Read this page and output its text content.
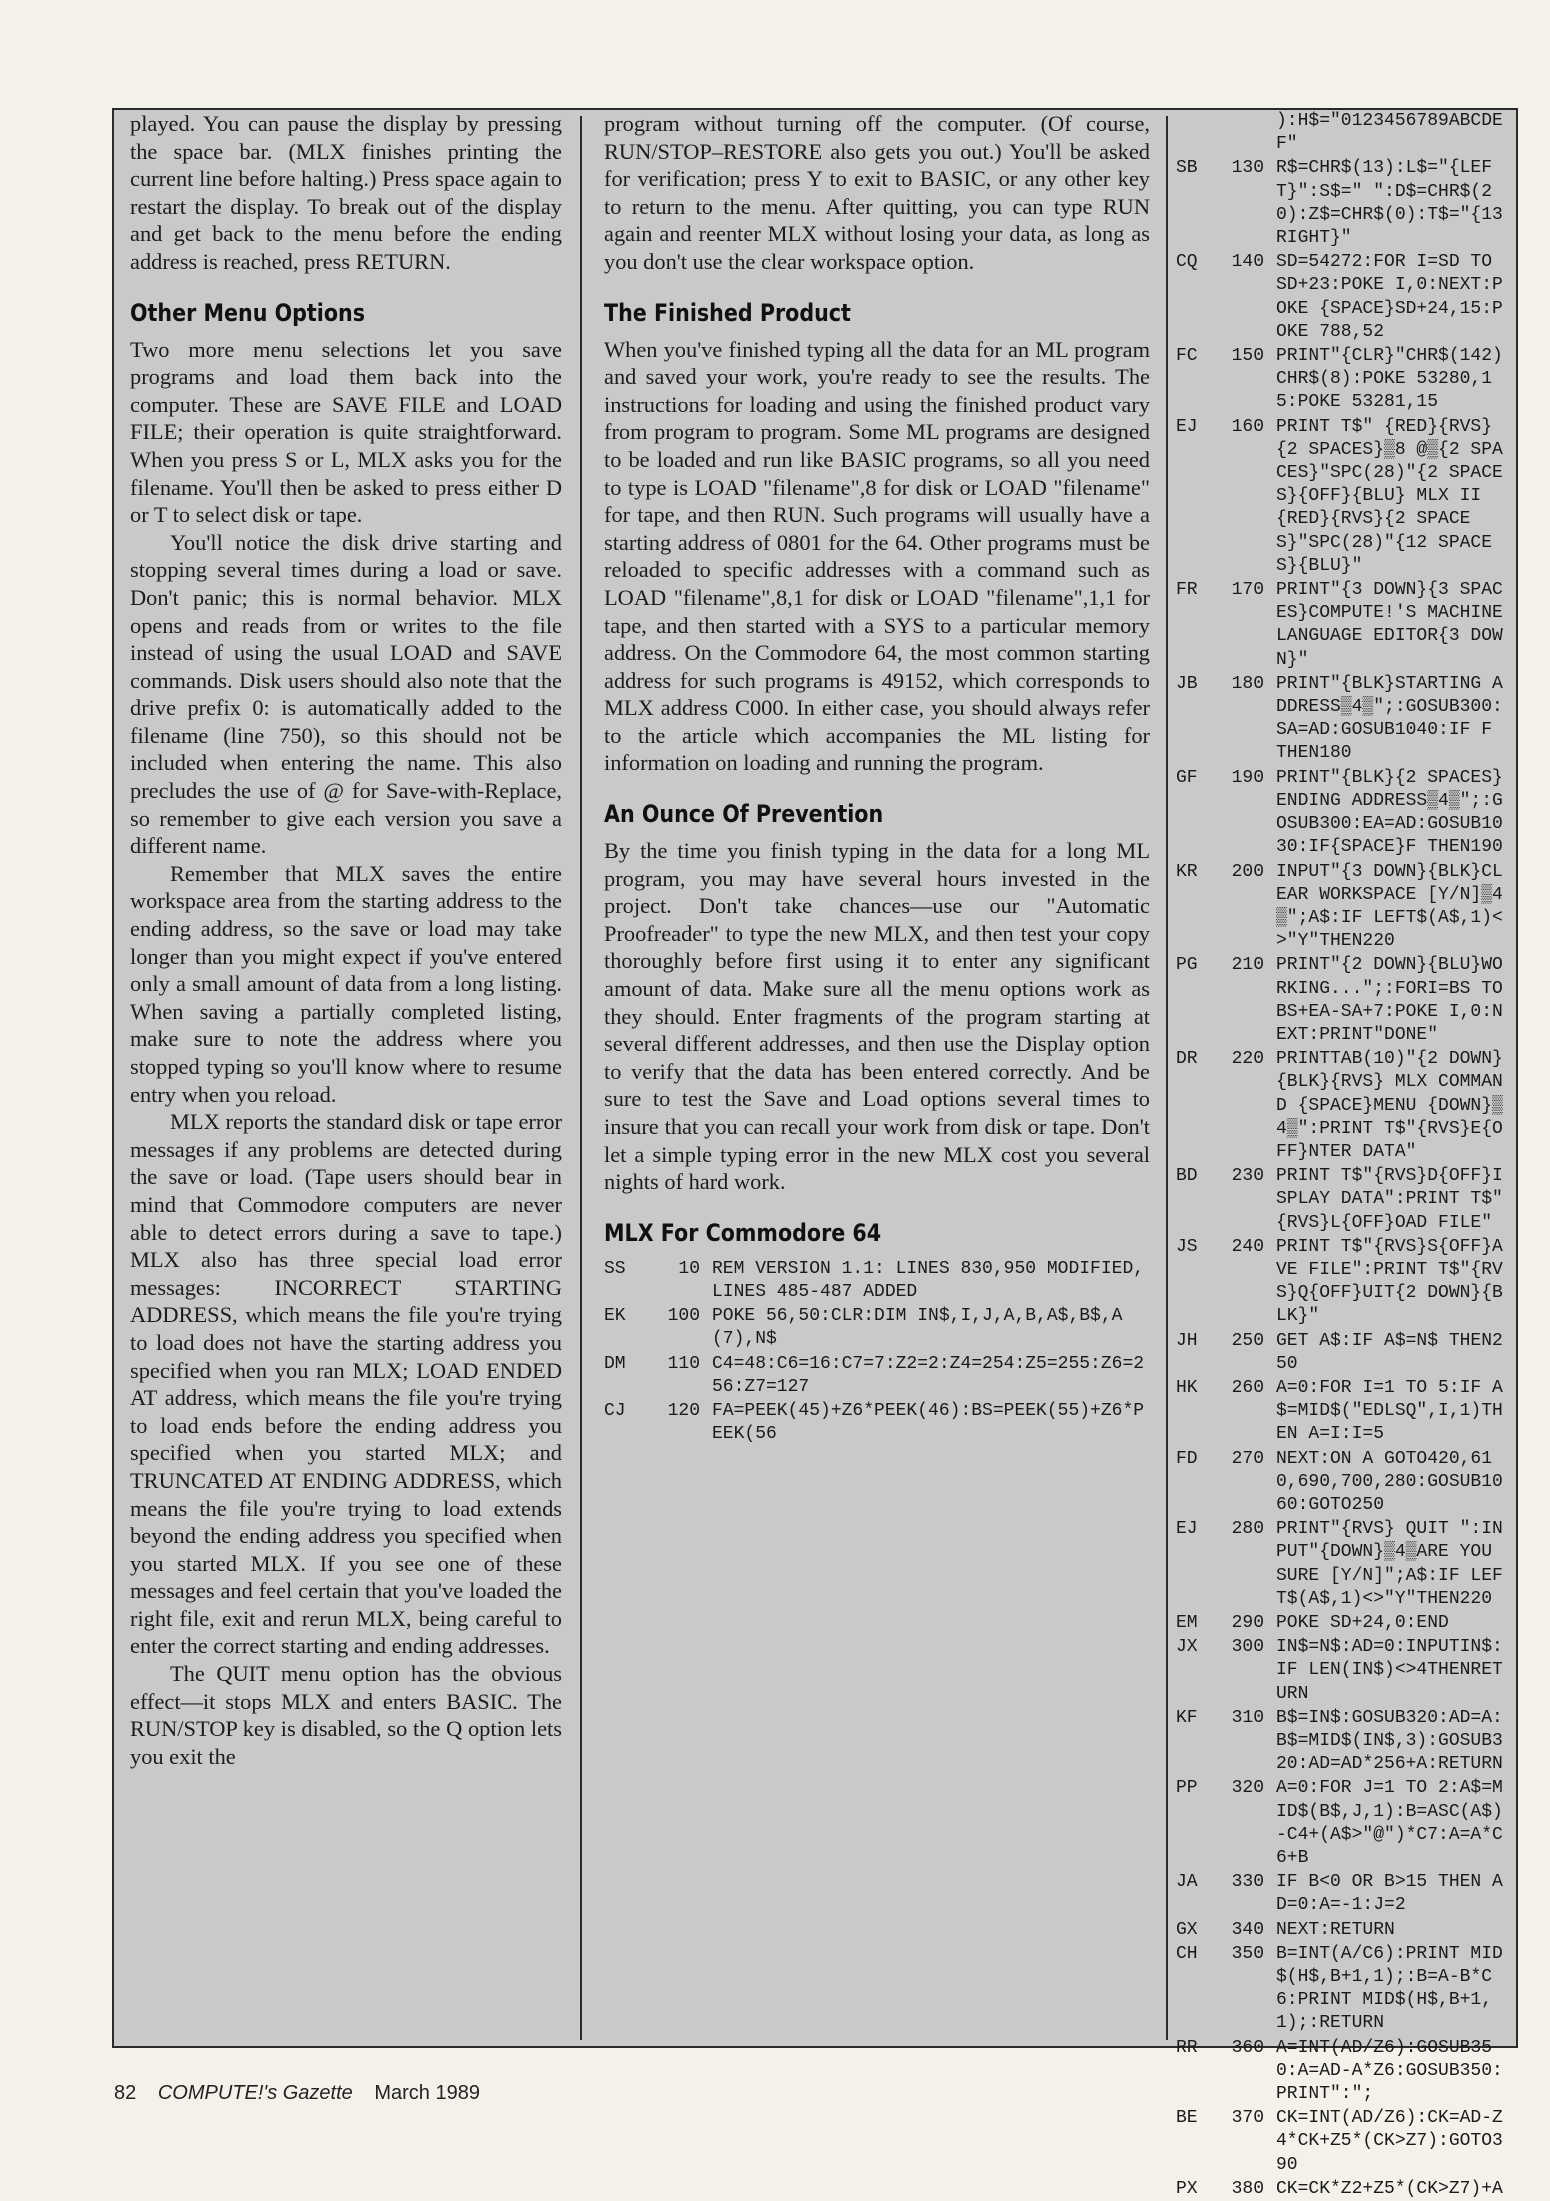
played. You can pause the display by pressing the space bar. (MLX finishes printing the current line before halting.) Press space again to restart the display. To break out of the display and get back to the menu before the ending address is reached, press RETURN.

Other Menu Options

Two more menu selections let you save programs and load them back into the computer. These are SAVE FILE and LOAD FILE; their operation is quite straightforward. When you press S or L, MLX asks you for the filename. You'll then be asked to press either D or T to select disk or tape.

You'll notice the disk drive starting and stopping several times during a load or save. Don't panic; this is normal behavior. MLX opens and reads from or writes to the file instead of using the usual LOAD and SAVE commands. Disk users should also note that the drive prefix 0: is automatically added to the filename (line 750), so this should not be included when entering the name. This also precludes the use of @ for Save-with-Replace, so remember to give each version you save a different name.

Remember that MLX saves the entire workspace area from the starting address to the ending address, so the save or load may take longer than you might expect if you've entered only a small amount of data from a long listing. When saving a partially completed listing, make sure to note the address where you stopped typing so you'll know where to resume entry when you reload.

MLX reports the standard disk or tape error messages if any problems are detected during the save or load. (Tape users should bear in mind that Commodore computers are never able to detect errors during a save to tape.) MLX also has three special load error messages: INCORRECT STARTING ADDRESS, which means the file you're trying to load does not have the starting address you specified when you ran MLX; LOAD ENDED AT address, which means the file you're trying to load ends before the ending address you specified when you started MLX; and TRUNCATED AT ENDING ADDRESS, which means the file you're trying to load extends beyond the ending address you specified when you started MLX. If you see one of these messages and feel certain that you've loaded the right file, exit and rerun MLX, being careful to enter the correct starting and ending addresses.

The QUIT menu option has the obvious effect—it stops MLX and enters BASIC. The RUN/STOP key is disabled, so the Q option lets you exit the

program without turning off the computer. (Of course, RUN/STOP–RESTORE also gets you out.) You'll be asked for verification; press Y to exit to BASIC, or any other key to return to the menu. After quitting, you can type RUN again and reenter MLX without losing your data, as long as you don't use the clear workspace option.

The Finished Product

When you've finished typing all the data for an ML program and saved your work, you're ready to see the results. The instructions for loading and using the finished product vary from program to program. Some ML programs are designed to be loaded and run like BASIC programs, so all you need to type is LOAD "filename",8 for disk or LOAD "filename" for tape, and then RUN. Such programs will usually have a starting address of 0801 for the 64. Other programs must be reloaded to specific addresses with a command such as LOAD "filename",8,1 for disk or LOAD "filename",1,1 for tape, and then started with a SYS to a particular memory address. On the Commodore 64, the most common starting address for such programs is 49152, which corresponds to MLX address C000. In either case, you should always refer to the article which accompanies the ML listing for information on loading and running the program.

An Ounce Of Prevention

By the time you finish typing in the data for a long ML program, you may have several hours invested in the project. Don't take chances—use our "Automatic Proofreader" to type the new MLX, and then test your copy thoroughly before first using it to enter any significant amount of data. Make sure all the menu options work as they should. Enter fragments of the program starting at several different addresses, and then use the Display option to verify that the data has been entered correctly. And be sure to test the Save and Load options several times to insure that you can recall your work from disk or tape. Don't let a simple typing error in the new MLX cost you several nights of hard work.

MLX For Commodore 64
SS	10 REM VERSION 1.1: LINES 830,950 MODIFIED, LINES 485-487 ADDED
EK	100 POKE 56,50:CLR:DIM IN$,I,J,A,B,A$,B$,A(7),N$
DM	110 C4=48:C6=16:C7=7:Z2=2:Z4=254:Z5=255:Z6=256:Z7=127
CJ	120 FA=PEEK(45)+Z6*PEEK(46):BS=PEEK(55)+Z6*PEEK(56
):H$="0123456789ABCDEF"
SB	130 R$=CHR$(13):L$="{LEFT}":S$=" ":D$=CHR$(20):Z$=CHR$(0):T$="{13 RIGHT}"
CQ	140 SD=54272:FOR I=SD TO SD+23:POKE I,0:NEXT:POKE {SPACE}SD+24,15:POKE 788,52
FC	150 PRINT"{CLR}"CHR$(142)CHR$(8):POKE 53280,15:POKE 53281,15
EJ	160 PRINT T$" {RED}{RVS}{2 SPACES}▒8 @▒{2 SPACES}"SPC(28)"{2 SPACES}{OFF}{BLU} MLX II {RED}{RVS}{2 SPACES}"SPC(28)"{12 SPACES}{BLU}"
FR	170 PRINT"{3 DOWN}{3 SPACES}COMPUTE!'S MACHINE LANGUAGE EDITOR{3 DOWN}"
JB	180 PRINT"{BLK}STARTING ADDRESS▒4▒";:GOSUB300:SA=AD:GOSUB1040:IF F THEN180
GF	190 PRINT"{BLK}{2 SPACES}ENDING ADDRESS▒4▒";:GOSUB300:EA=AD:GOSUB1030:IF{SPACE}F THEN190
KR	200 INPUT"{3 DOWN}{BLK}CLEAR WORKSPACE [Y/N]▒4▒";A$:IF LEFT$(A$,1)<>"Y"THEN220
PG	210 PRINT"{2 DOWN}{BLU}WORKING...";:FORI=BS TO BS+EA-SA+7:POKE I,0:NEXT:PRINT"DONE"
DR	220 PRINTTAB(10)"{2 DOWN}{BLK}{RVS} MLX COMMAND {SPACE}MENU {DOWN}▒4▒":PRINT T$"{RVS}E{OFF}NTER DATA"
BD	230 PRINT T$"{RVS}D{OFF}ISPLAY DATA":PRINT T$"{RVS}L{OFF}OAD FILE"
JS	240 PRINT T$"{RVS}S{OFF}AVE FILE":PRINT T$"{RVS}Q{OFF}UIT{2 DOWN}{BLK}"
JH	250 GET A$:IF A$=N$ THEN250
HK	260 A=0:FOR I=1 TO 5:IF A$=MID$("EDLSQ",I,1)THEN A=I:I=5
FD	270 NEXT:ON A GOTO420,610,690,700,280:GOSUB1060:GOTO250
EJ	280 PRINT"{RVS} QUIT ":INPUT"{DOWN}▒4▒ARE YOU SURE [Y/N]";A$:IF LEFT$(A$,1)<>"Y"THEN220
EM	290 POKE SD+24,0:END
JX	300 IN$=N$:AD=0:INPUTIN$:IF LEN(IN$)<>4THENRETURN
KF	310 B$=IN$:GOSUB320:AD=A:B$=MID$(IN$,3):GOSUB320:AD=AD*256+A:RETURN
PP	320 A=0:FOR J=1 TO 2:A$=MID$(B$,J,1):B=ASC(A$)-C4+(A$>"@")*C7:A=A*C6+B
JA	330 IF B<0 OR B>15 THEN AD=0:A=-1:J=2
GX	340 NEXT:RETURN
CH	350 B=INT(A/C6):PRINT MID$(H$,B+1,1);:B=A-B*C6:PRINT MID$(H$,B+1,1);:RETURN
RR	360 A=INT(AD/Z6):GOSUB350:A=AD-A*Z6:GOSUB350:PRINT":";
BE	370 CK=INT(AD/Z6):CK=AD-Z4*CK+Z5*(CK>Z7):GOTO390
PX	380 CK=CK*Z2+Z5*(CK>Z7)+A
82 COMPUTE!'s Gazette March 1989
